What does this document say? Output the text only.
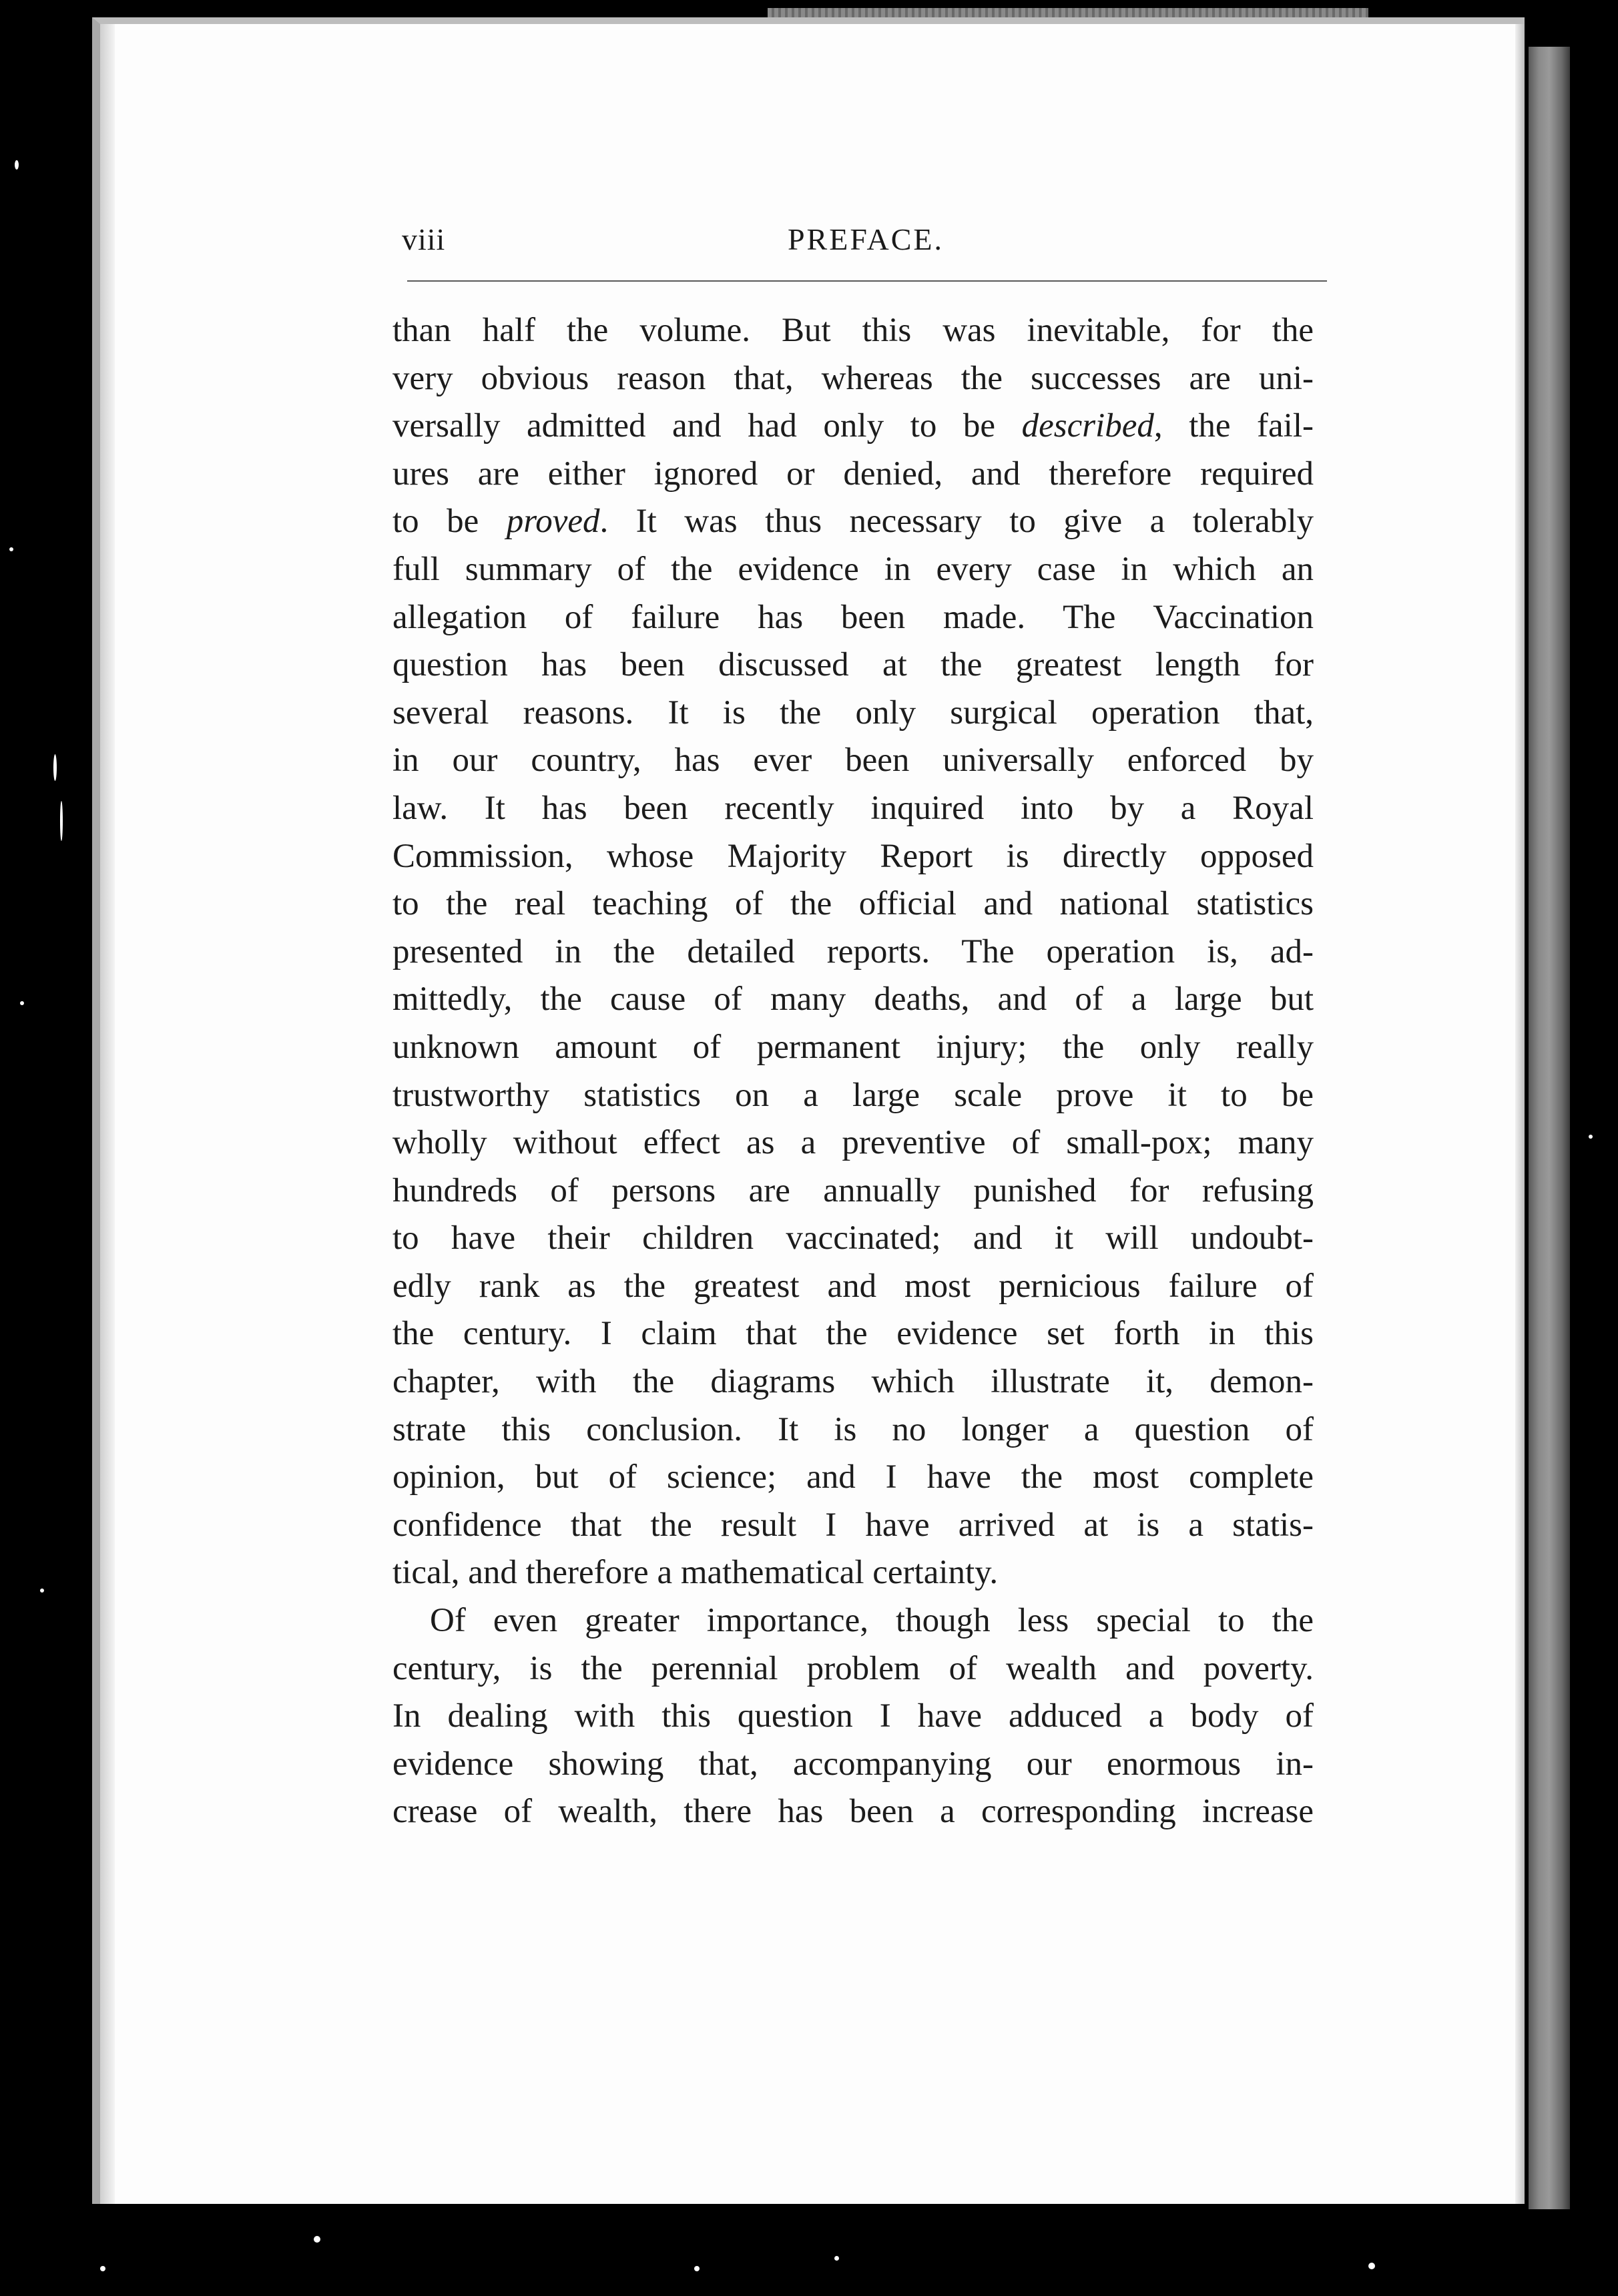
viii	PREFACE.
than half the volume. But this was inevitable, for the
very obvious reason that, whereas the successes are uni-
versally admitted and had only to be described, the fail-
ures are either ignored or denied, and therefore required
to be proved. It was thus necessary to give a tolerably
full summary of the evidence in every case in which an
allegation of failure has been made. The Vaccination
question has been discussed at the greatest length for
several reasons. It is the only surgical operation that,
in our country, has ever been universally enforced by
law. It has been recently inquired into by a Royal
Commission, whose Majority Report is directly opposed
to the real teaching of the official and national statistics
presented in the detailed reports. The operation is, ad-
mittedly, the cause of many deaths, and of a large but
unknown amount of permanent injury; the only really
trustworthy statistics on a large scale prove it to be
wholly without effect as a preventive of small-pox; many
hundreds of persons are annually punished for refusing
to have their children vaccinated; and it will undoubt-
edly rank as the greatest and most pernicious failure of
the century. I claim that the evidence set forth in this
chapter, with the diagrams which illustrate it, demon-
strate this conclusion. It is no longer a question of
opinion, but of science; and I have the most complete
confidence that the result I have arrived at is a statis-
tical, and therefore a mathematical certainty.
Of even greater importance, though less special to the
century, is the perennial problem of wealth and poverty.
In dealing with this question I have adduced a body of
evidence showing that, accompanying our enormous in-
crease of wealth, there has been a corresponding increase
